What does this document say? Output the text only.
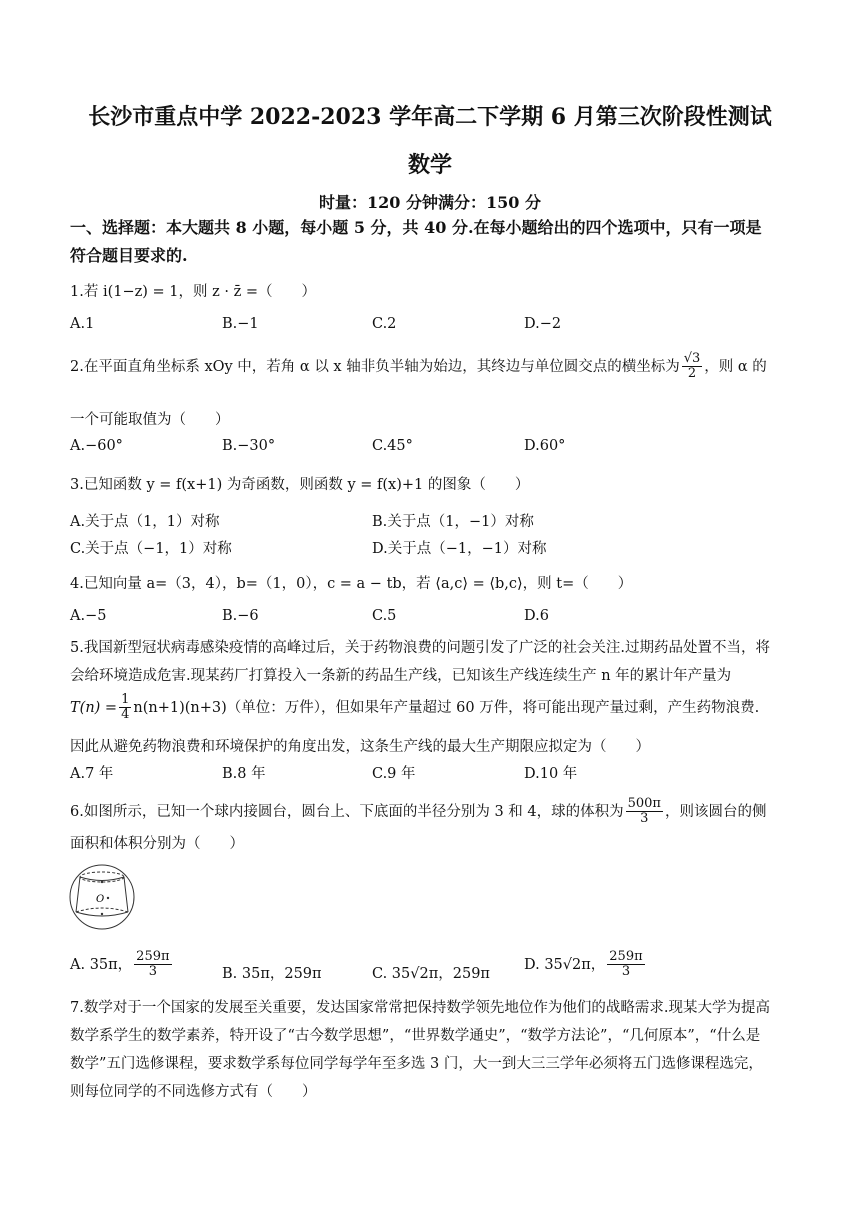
长沙市重点中学 2022-2023 学年高二下学期 6 月第三次阶段性测试
数学
时量：120 分钟满分：150 分
一、选择题：本大题共 8 小题，每小题 5 分，共 40 分.在每小题给出的四个选项中，只有一项是
符合题目要求的.
1.若 i(1−z) = 1，则 z · z̄ =（　　）
A.1	B.−1	C.2	D.−2
2.在平面直角坐标系 xOy 中，若角 α 以 x 轴非负半轴为始边，其终边与单位圆交点的横坐标为 $\frac{√3}{2}$ ，则 α 的
一个可能取值为（　　）
A.−60°	B.−30°	C.45°	D.60°
3.已知函数 y = f(x+1) 为奇函数，则函数 y = f(x)+1 的图象（　　）
A.关于点（1，1）对称	B.关于点（1，−1）对称
C.关于点（−1，1）对称	D.关于点（−1，−1）对称
4.已知向量 a=（3，4），b=（1，0），c = a − tb，若 ⟨a,c⟩ = ⟨b,c⟩，则 t=（　　）
A.−5	B.−6	C.5	D.6
5.我国新型冠状病毒感染疫情的高峰过后，关于药物浪费的问题引发了广泛的社会关注.过期药品处置不当，将
会给环境造成危害.现某药厂打算投入一条新的药品生产线，已知该生产线连续生产 n 年的累计年产量为
$T(n) = \frac{1}{4} n(n+1)(n+3)$（单位：万件），但如果年产量超过 60 万件，将可能出现产量过剩，产生药物浪费.
因此从避免药物浪费和环境保护的角度出发，这条生产线的最大生产期限应拟定为（　　）
A.7 年	B.8 年	C.9 年	D.10 年
6.如图所示，已知一个球内接圆台，圆台上、下底面的半径分别为 3 和 4，球的体积为 $\frac{500\pi}{3}$ ，则该圆台的侧
面积和体积分别为（　　）
O
A. 35π， $\frac{259\pi}{3}$	B. 35π，259π	C. 35√2π，259π
D. 35√2π， $\frac{259\pi}{3}$
7.数学对于一个国家的发展至关重要，发达国家常常把保持数学领先地位作为他们的战略需求.现某大学为提高
数学系学生的数学素养，特开设了“古今数学思想”，“世界数学通史”，“数学方法论”，“几何原本”，“什么是
数学”五门选修课程，要求数学系每位同学每学年至多选 3 门，大一到大三三学年必须将五门选修课程选完，
则每位同学的不同选修方式有（　　）
